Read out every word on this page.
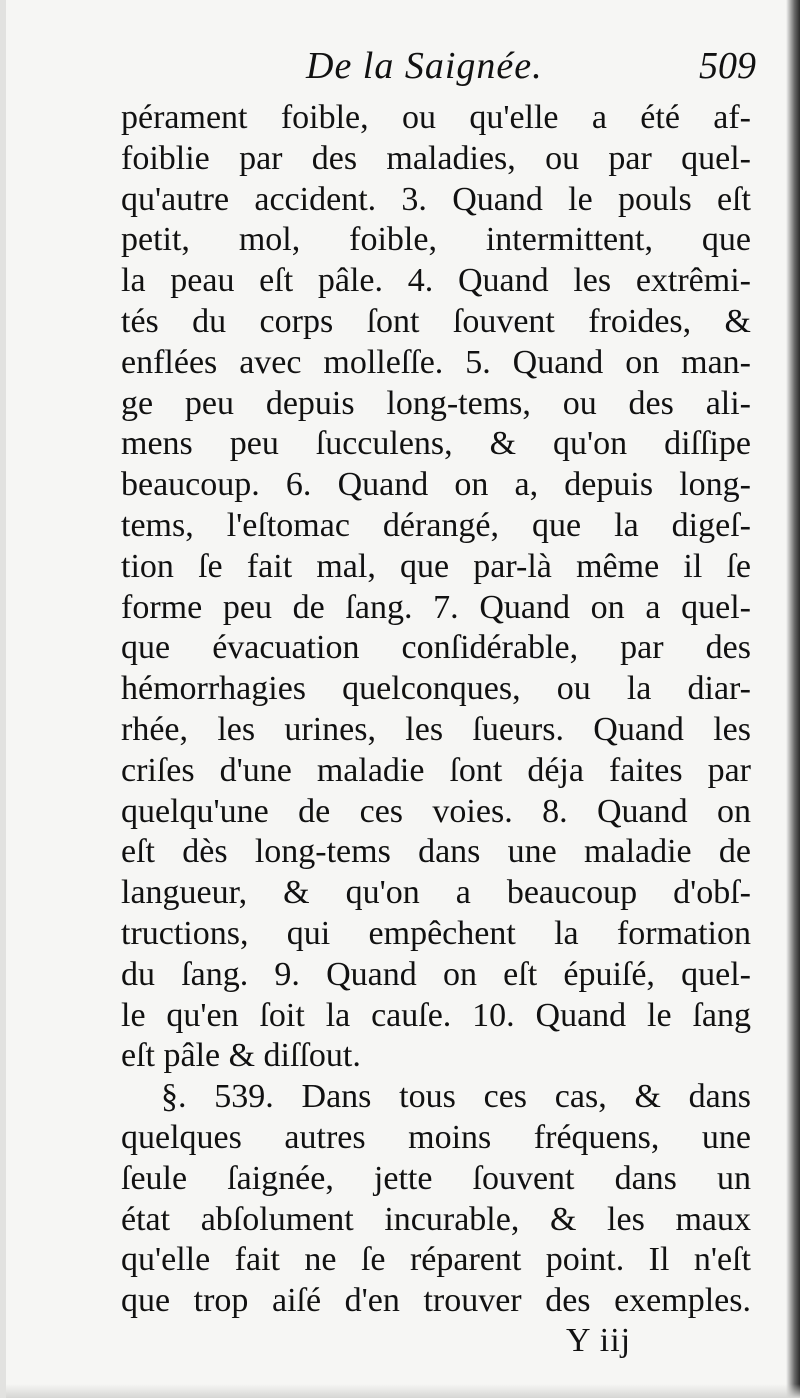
De la Saignée.	509
pérament foible, ou qu'elle a été af-
foiblie par des maladies, ou par quel-
qu'autre accident. 3. Quand le pouls eſt
petit, mol, foible, intermittent, que
la peau eſt pâle. 4. Quand les extrêmi-
tés du corps ſont ſouvent froides, &
enflées avec molleſſe. 5. Quand on man-
ge peu depuis long-tems, ou des ali-
mens peu ſucculens, & qu'on diſſipe
beaucoup. 6. Quand on a, depuis long-
tems, l'eſtomac dérangé, que la digeſ-
tion ſe fait mal, que par-là même il ſe
forme peu de ſang. 7. Quand on a quel-
que évacuation conſidérable, par des
hémorrhagies quelconques, ou la diar-
rhée, les urines, les ſueurs. Quand les
criſes d'une maladie ſont déja faites par
quelqu'une de ces voies. 8. Quand on
eſt dès long-tems dans une maladie de
langueur, & qu'on a beaucoup d'obſ-
tructions, qui empêchent la formation
du ſang. 9. Quand on eſt épuiſé, quel-
le qu'en ſoit la cauſe. 10. Quand le ſang
eſt pâle & diſſout.
§. 539. Dans tous ces cas, & dans
quelques autres moins fréquens, une
ſeule ſaignée, jette ſouvent dans un
état abſolument incurable, & les maux
qu'elle fait ne ſe réparent point. Il n'eſt
que trop aiſé d'en trouver des exemples.
Y iij
